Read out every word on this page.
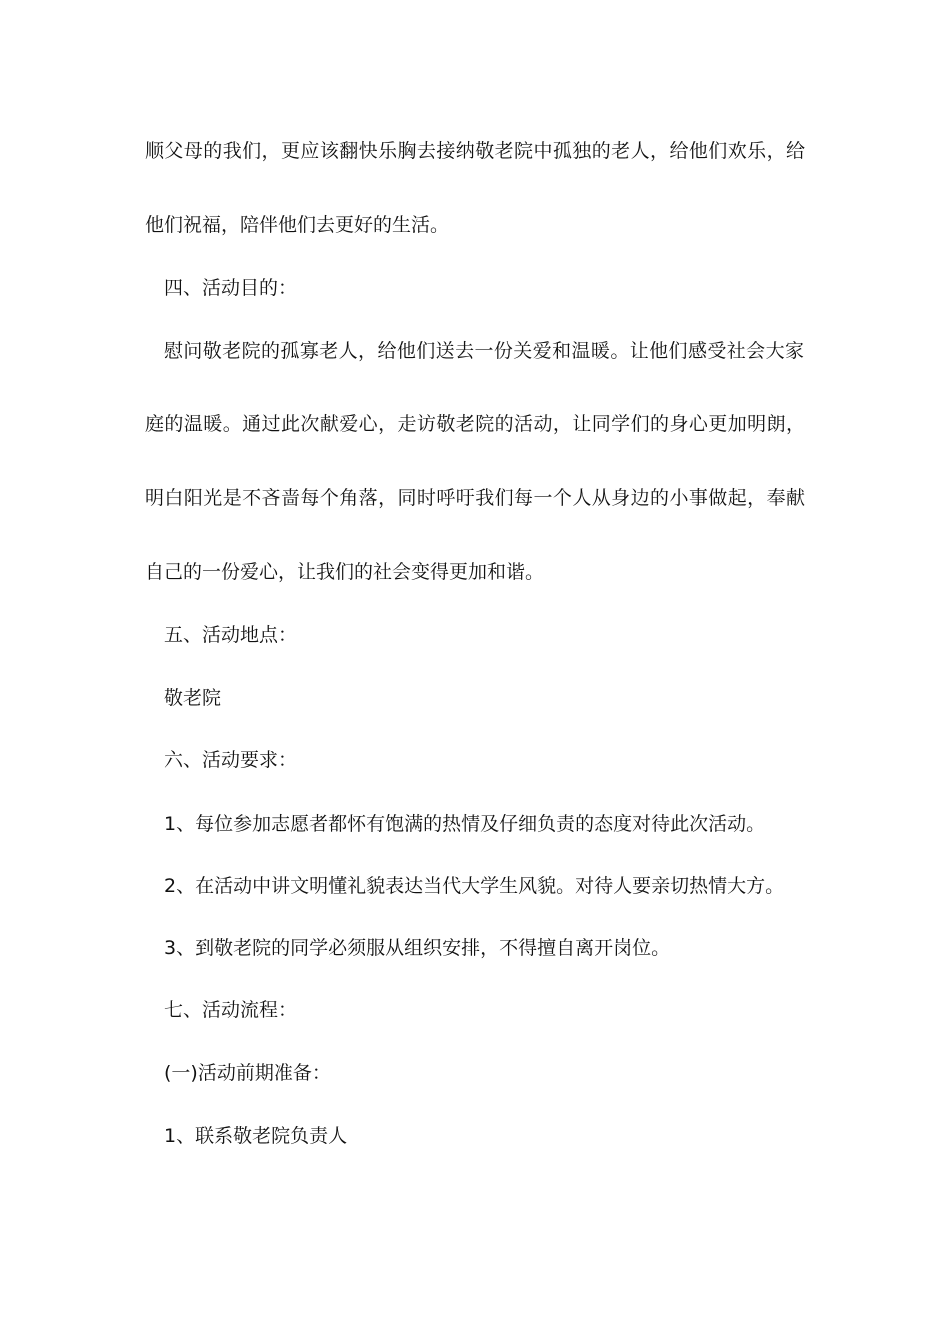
顺父母的我们，更应该翻快乐胸去接纳敬老院中孤独的老人，给他们欢乐，给
他们祝福，陪伴他们去更好的生活。
四、活动目的：
慰问敬老院的孤寡老人，给他们送去一份关爱和温暖。让他们感受社会大家
庭的温暖。通过此次献爱心，走访敬老院的活动，让同学们的身心更加明朗，
明白阳光是不吝啬每个角落，同时呼吁我们每一个人从身边的小事做起，奉献
自己的一份爱心，让我们的社会变得更加和谐。
五、活动地点：
敬老院
六、活动要求：
1、每位参加志愿者都怀有饱满的热情及仔细负责的态度对待此次活动。
2、在活动中讲文明懂礼貌表达当代大学生风貌。对待人要亲切热情大方。
3、到敬老院的同学必须服从组织安排，不得擅自离开岗位。
七、活动流程：
(一)活动前期准备：
1、联系敬老院负责人
